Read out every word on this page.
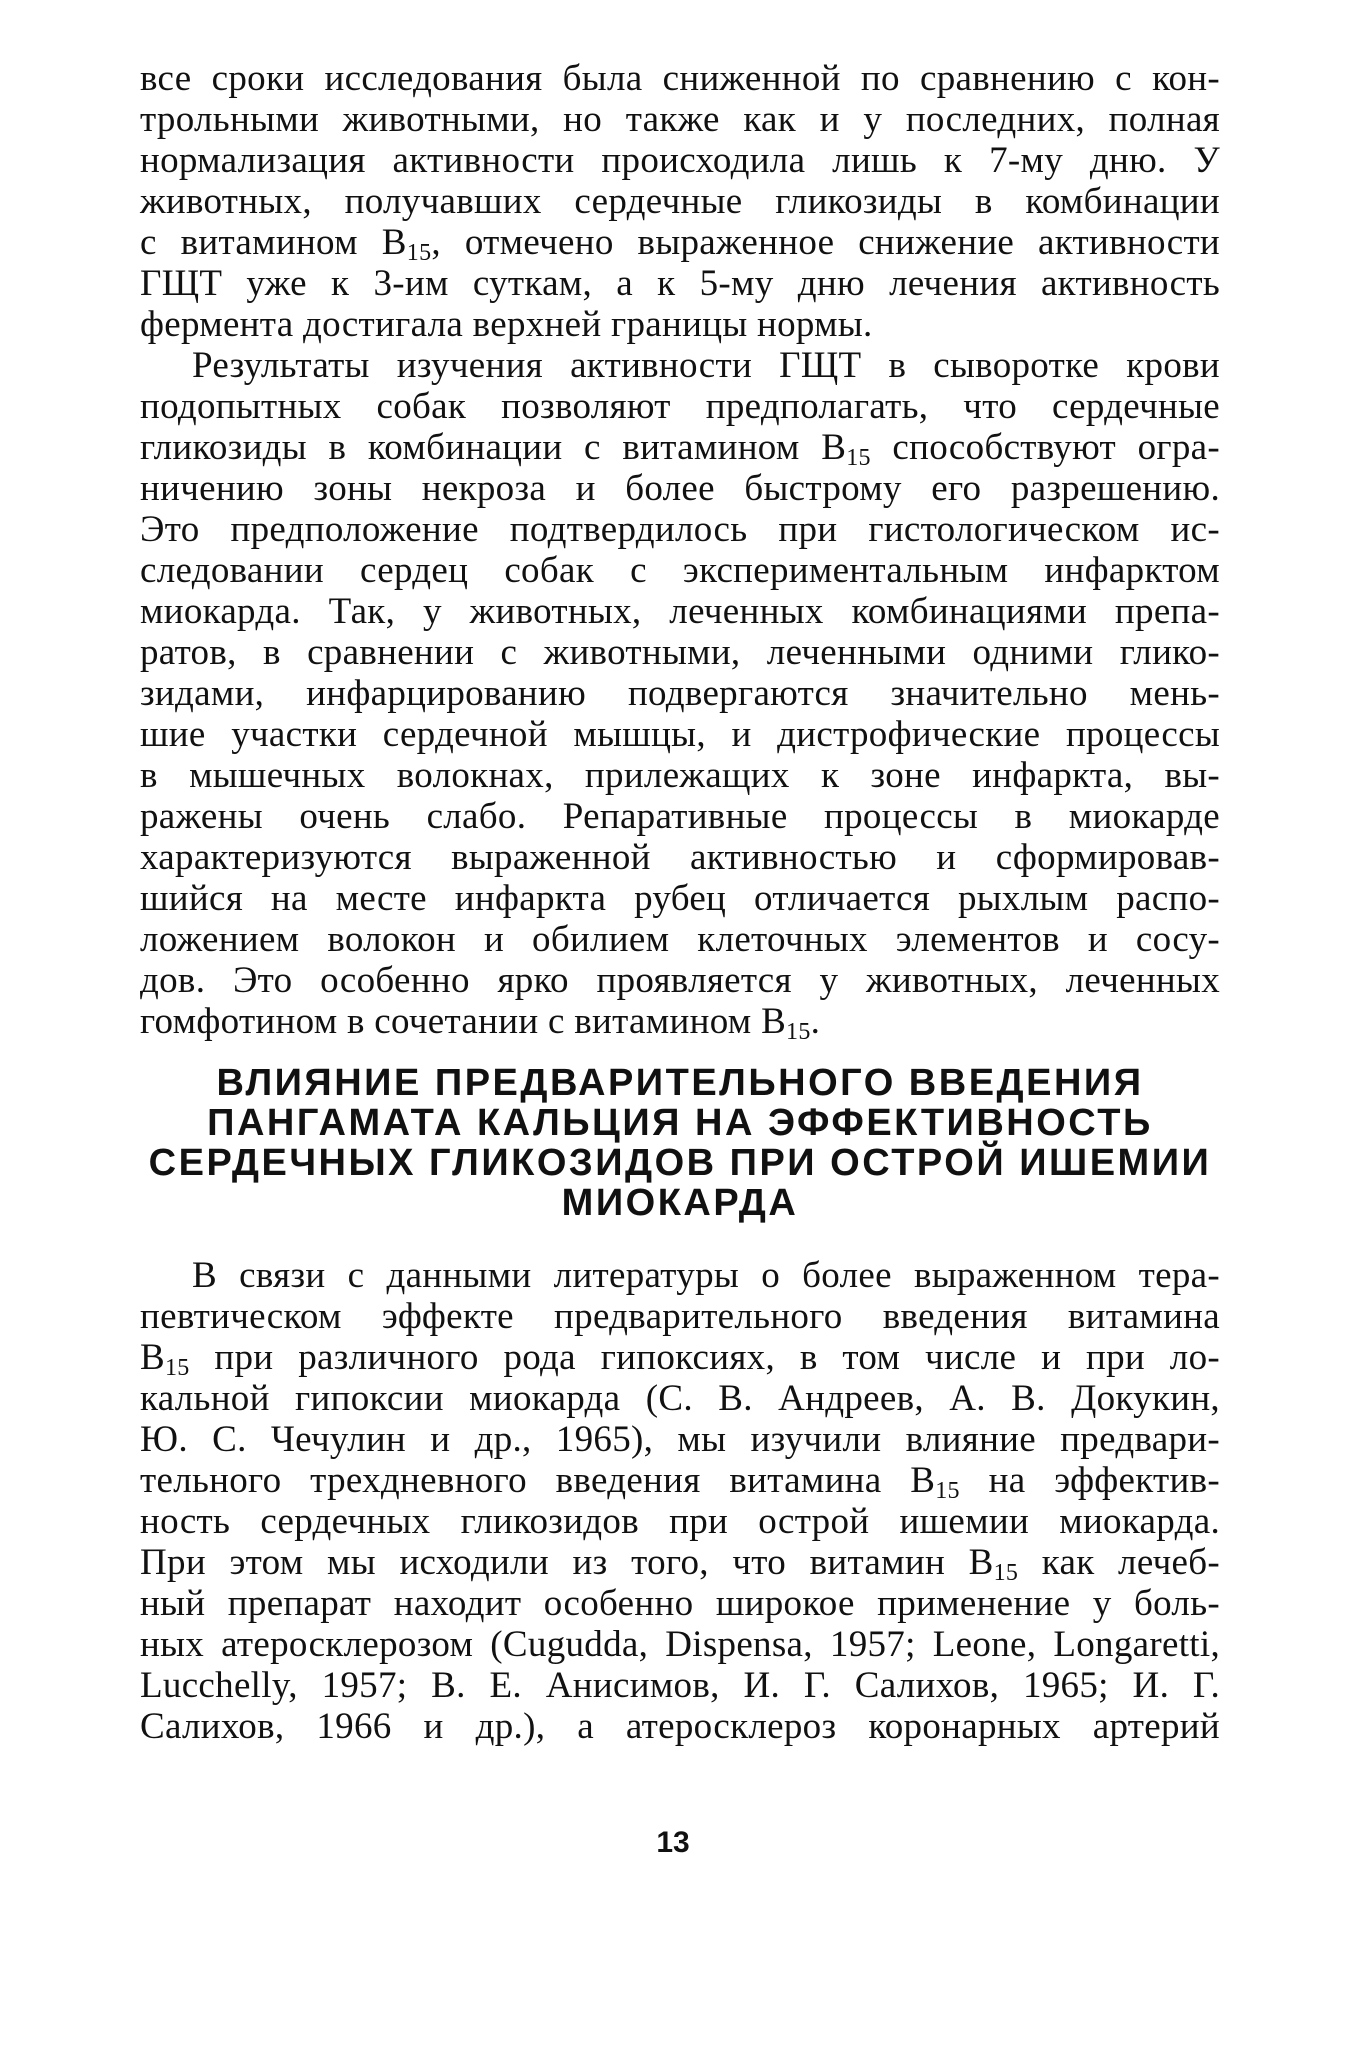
все сроки исследования была сниженной по сравнению с кон-
трольными животными, но также как и у последних, полная
нормализация активности происходила лишь к 7-му дню. У
животных, получавших сердечные гликозиды в комбинации
с витамином $B_{15}$, отмечено выраженное снижение активности
ГЩТ уже к 3-им суткам, а к 5-му дню лечения активность
фермента достигала верхней границы нормы.
Результаты изучения активности ГЩТ в сыворотке крови
подопытных собак позволяют предполагать, что сердечные
гликозиды в комбинации с витамином $B_{15}$ способствуют огра-
ничению зоны некроза и более быстрому его разрешению.
Это предположение подтвердилось при гистологическом ис-
следовании сердец собак с экспериментальным инфарктом
миокарда. Так, у животных, леченных комбинациями препа-
ратов, в сравнении с животными, леченными одними глико-
зидами, инфарцированию подвергаются значительно мень-
шие участки сердечной мышцы, и дистрофические процессы
в мышечных волокнах, прилежащих к зоне инфаркта, вы-
ражены очень слабо. Репаративные процессы в миокарде
характеризуются выраженной активностью и сформировав-
шийся на месте инфаркта рубец отличается рыхлым распо-
ложением волокон и обилием клеточных элементов и сосу-
дов. Это особенно ярко проявляется у животных, леченных
гомфотином в сочетании с витамином $B_{15}$.
ВЛИЯНИЕ ПРЕДВАРИТЕЛЬНОГО ВВЕДЕНИЯ
ПАНГАМАТА КАЛЬЦИЯ НА ЭФФЕКТИВНОСТЬ
СЕРДЕЧНЫХ ГЛИКОЗИДОВ ПРИ ОСТРОЙ ИШЕМИИ
МИОКАРДА
В связи с данными литературы о более выраженном тера-
певтическом эффекте предварительного введения витамина
$B_{15}$ при различного рода гипоксиях, в том числе и при ло-
кальной гипоксии миокарда (С. В. Андреев, А. В. Докукин,
Ю. С. Чечулин и др., 1965), мы изучили влияние предвари-
тельного трехдневного введения витамина $B_{15}$ на эффектив-
ность сердечных гликозидов при острой ишемии миокарда.
При этом мы исходили из того, что витамин $B_{15}$ как лечеб-
ный препарат находит особенно широкое применение у боль-
ных атеросклерозом (Cugudda, Dispensa, 1957; Leone, Longaretti,
Lucchelly, 1957; В. Е. Анисимов, И. Г. Салихов, 1965; И. Г.
Салихов, 1966 и др.), а атеросклероз коронарных артерий
13
